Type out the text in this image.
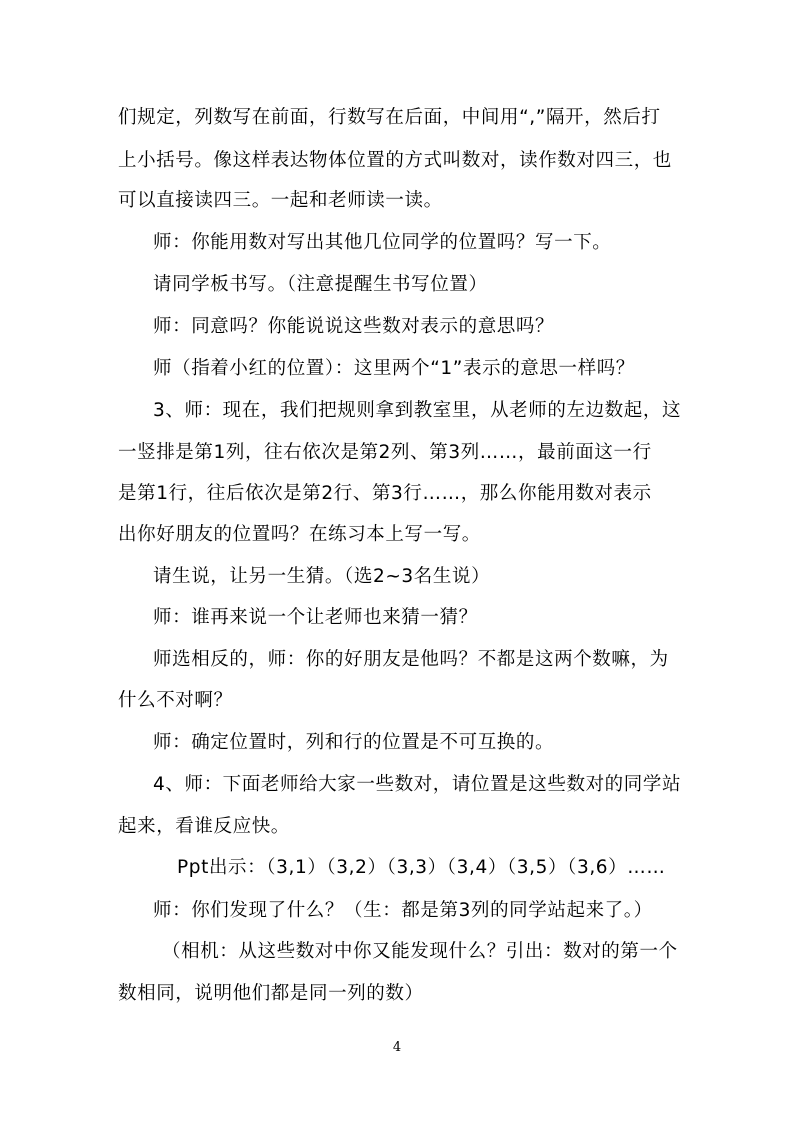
们规定，列数写在前面，行数写在后面，中间用“,”隔开，然后打
上小括号。像这样表达物体位置的方式叫数对，读作数对四三，也
可以直接读四三。一起和老师读一读。
师：你能用数对写出其他几位同学的位置吗？写一下。
请同学板书写。（注意提醒生书写位置）
师：同意吗？你能说说这些数对表示的意思吗？
师（指着小红的位置）：这里两个“1”表示的意思一样吗？
3、师：现在，我们把规则拿到教室里，从老师的左边数起，这
一竖排是第1列，往右依次是第2列、第3列……，最前面这一行
是第1行，往后依次是第2行、第3行……，那么你能用数对表示
出你好朋友的位置吗？在练习本上写一写。
请生说，让另一生猜。（选2~3名生说）
师：谁再来说一个让老师也来猜一猜？
师选相反的，师：你的好朋友是他吗？不都是这两个数嘛，为
什么不对啊？
师：确定位置时，列和行的位置是不可互换的。
4、师：下面老师给大家一些数对，请位置是这些数对的同学站
起来，看谁反应快。
Ppt出示：（3,1）（3,2）（3,3）（3,4）（3,5）（3,6）……
师：你们发现了什么？（生：都是第3列的同学站起来了。）
（相机：从这些数对中你又能发现什么？引出：数对的第一个
数相同，说明他们都是同一列的数）
4
